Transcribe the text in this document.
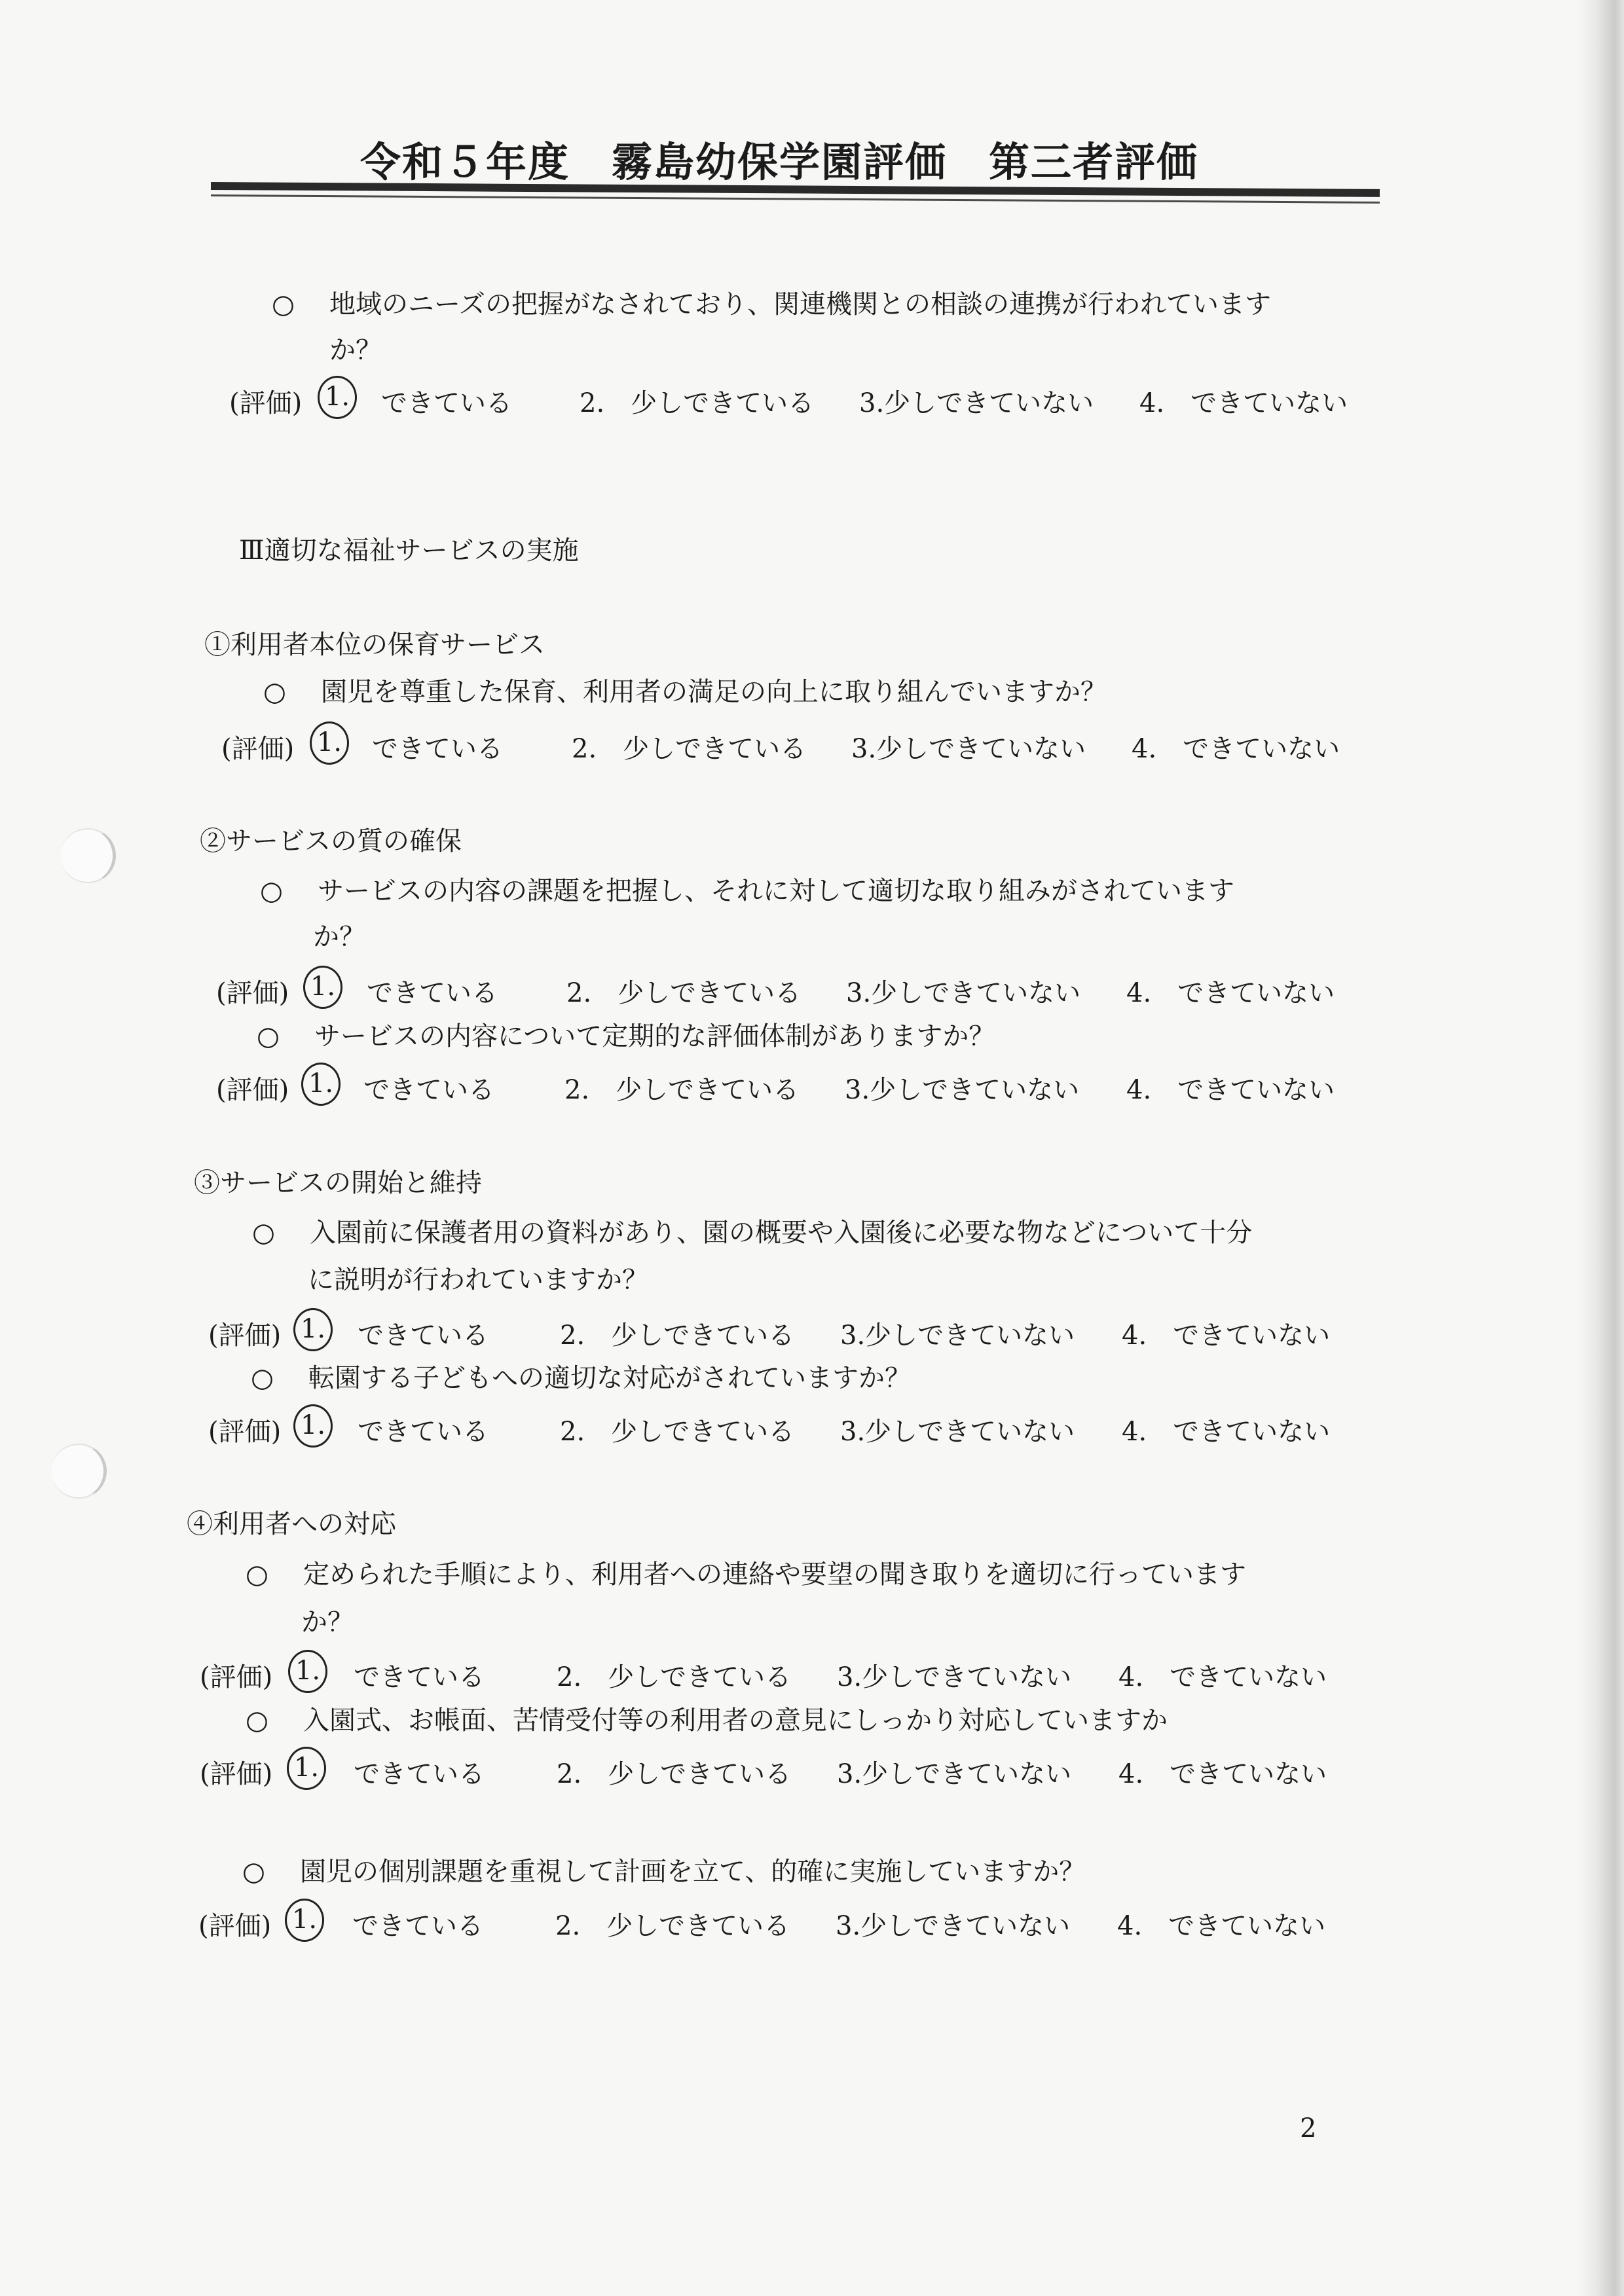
令和５年度　霧島幼保学園評価　第三者評価
○ 地域のニーズの把握がなされており、関連機関との相談の連携が行われています
か？
(評価) 1. できている	2.　少しできている 3.少しできていない 4.　できていない
Ⅲ適切な福祉サービスの実施
①利用者本位の保育サービス
○ 園児を尊重した保育、利用者の満足の向上に取り組んでいますか？
(評価) 1. できている	2.　少しできている 3.少しできていない 4.　できていない
②サービスの質の確保
○ サービスの内容の課題を把握し、それに対して適切な取り組みがされています
か？
(評価) 1. できている	2.　少しできている 3.少しできていない 4.　できていない
○ サービスの内容について定期的な評価体制がありますか？
(評価) 1. できている	2.　少しできている 3.少しできていない 4.　できていない
③サービスの開始と維持
○ 入園前に保護者用の資料があり、園の概要や入園後に必要な物などについて十分
に説明が行われていますか？
(評価) 1. できている	2.　少しできている 3.少しできていない 4.　できていない
○ 転園する子どもへの適切な対応がされていますか？
(評価) 1. できている	2.　少しできている 3.少しできていない 4.　できていない
④利用者への対応
○ 定められた手順により、利用者への連絡や要望の聞き取りを適切に行っています
か？
(評価) 1. できている	2.　少しできている 3.少しできていない 4.　できていない
○ 入園式、お帳面、苦情受付等の利用者の意見にしっかり対応していますか
(評価) 1. できている	2.　少しできている 3.少しできていない 4.　できていない
○ 園児の個別課題を重視して計画を立て、的確に実施していますか？
(評価) 1. できている	2.　少しできている 3.少しできていない 4.　できていない
2
